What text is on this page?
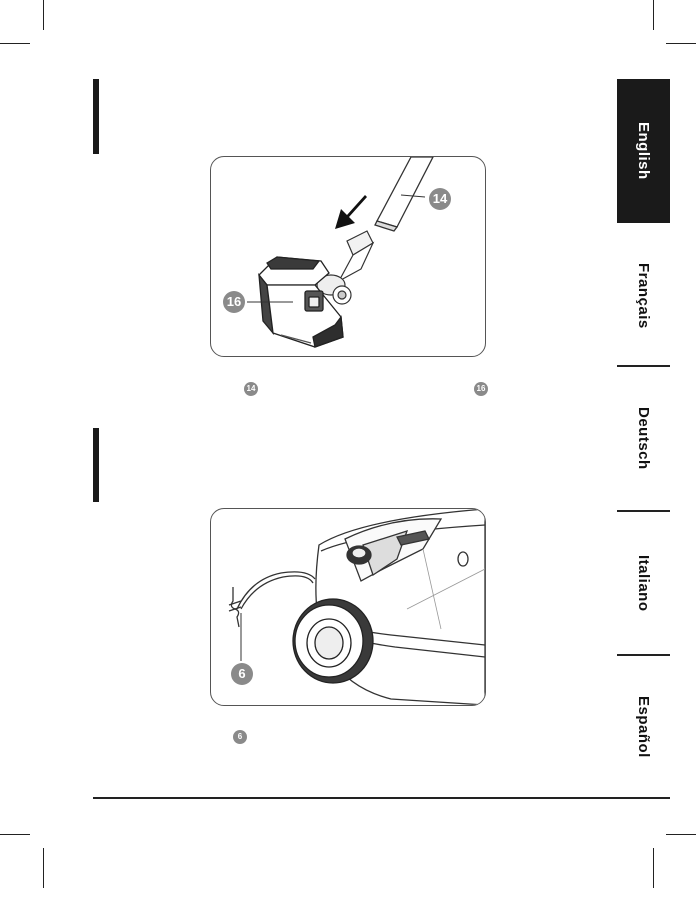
14
16
14	16
6
6
English
Français
Deutsch
Italiano
Español
